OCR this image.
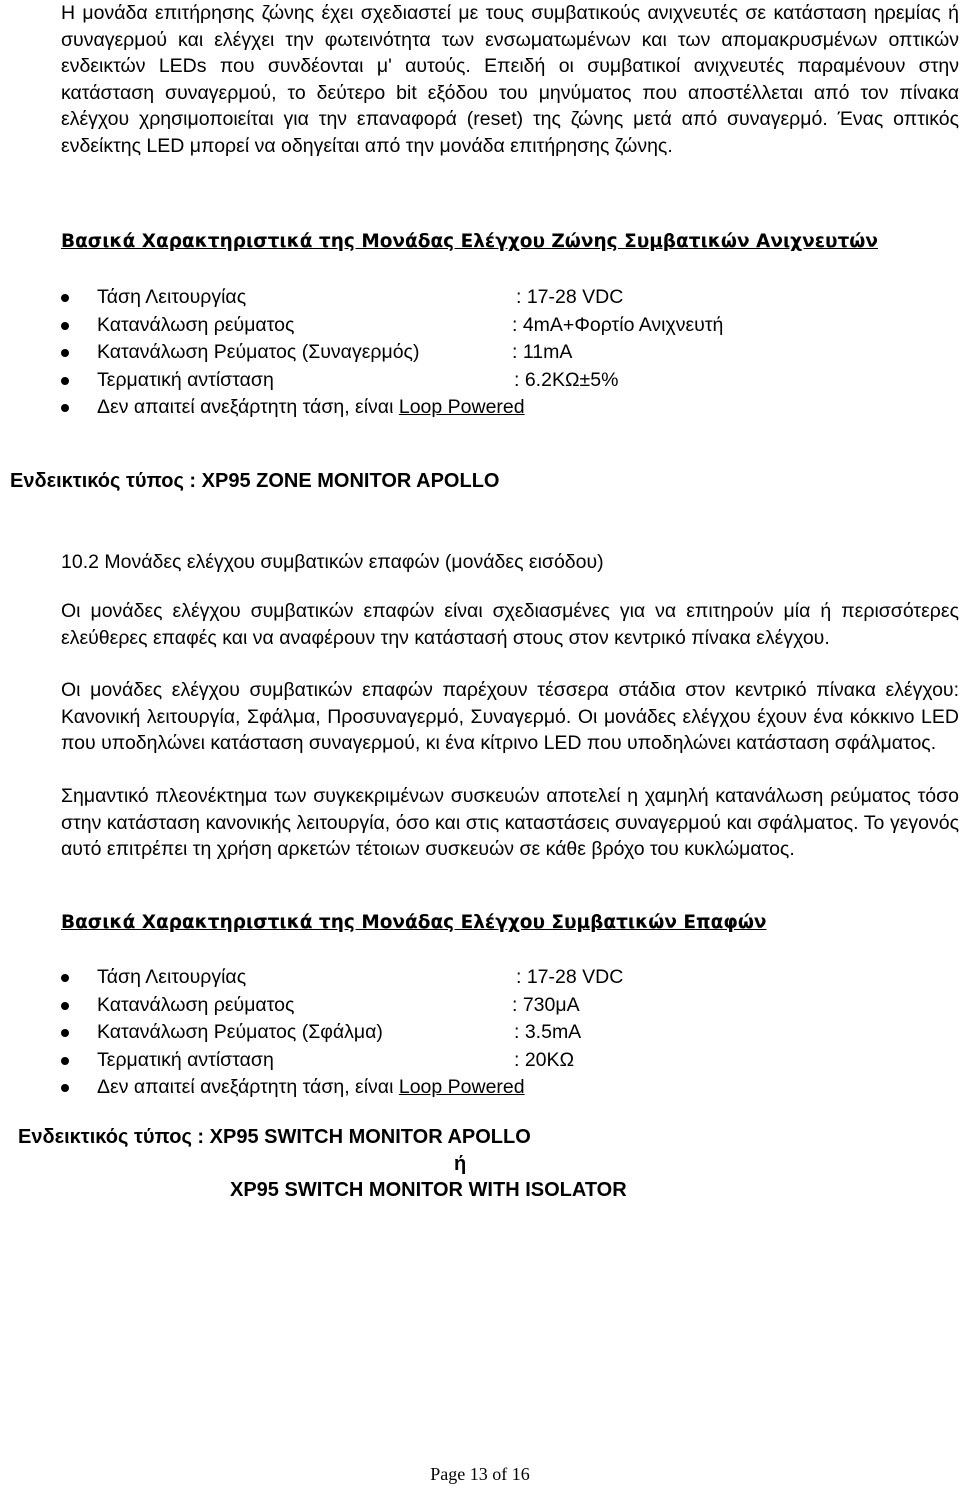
Η μονάδα επιτήρησης ζώνης έχει σχεδιαστεί με τους συμβατικούς ανιχνευτές σε κατάσταση ηρεμίας ή συναγερμού και ελέγχει την φωτεινότητα των ενσωματωμένων και των απομακρυσμένων οπτικών ενδεικτών LEDs που συνδέονται μ' αυτούς. Επειδή οι συμβατικοί ανιχνευτές παραμένουν στην κατάσταση συναγερμού, το δεύτερο bit εξόδου του μηνύματος που αποστέλλεται από τον πίνακα ελέγχου χρησιμοποιείται για την επαναφορά (reset) της ζώνης μετά από συναγερμό. Ένας οπτικός ενδείκτης LED μπορεί να οδηγείται από την μονάδα επιτήρησης ζώνης.

Βασικά Χαρακτηριστικά της Μονάδας Ελέγχου Ζώνης Συμβατικών Ανιχνευτών
Τάση Λειτουργίας	: 17-28 VDC
Κατανάλωση ρεύματος	: 4mA+Φορτίο Ανιχνευτή
Κατανάλωση Ρεύματος (Συναγερμός)	: 11mA
Τερματική αντίσταση	: 6.2ΚΩ±5%
Δεν απαιτεί ανεξάρτητη τάση, είναι Loop Powered

Ενδεικτικός τύπος : XP95 ZONE MONITOR APOLLO

10.2 Μονάδες ελέγχου συμβατικών επαφών (μονάδες εισόδου)

Οι μονάδες ελέγχου συμβατικών επαφών είναι σχεδιασμένες για να επιτηρούν μία ή περισσότερες ελεύθερες επαφές και να αναφέρουν την κατάστασή στους στον κεντρικό πίνακα ελέγχου.

Οι μονάδες ελέγχου συμβατικών επαφών παρέχουν τέσσερα στάδια στον κεντρικό πίνακα ελέγχου: Κανονική λειτουργία, Σφάλμα, Προσυναγερμό, Συναγερμό. Οι μονάδες ελέγχου έχουν ένα κόκκινο LED που υποδηλώνει κατάσταση συναγερμού, κι ένα κίτρινο LED που υποδηλώνει κατάσταση σφάλματος.

Σημαντικό πλεονέκτημα των συγκεκριμένων συσκευών αποτελεί η χαμηλή κατανάλωση ρεύματος τόσο στην κατάσταση κανονικής λειτουργία, όσο και στις καταστάσεις συναγερμού και σφάλματος. Το γεγονός αυτό επιτρέπει τη χρήση αρκετών τέτοιων συσκευών σε κάθε βρόχο του κυκλώματος.

Βασικά Χαρακτηριστικά της Μονάδας Ελέγχου Συμβατικών Επαφών
Τάση Λειτουργίας	: 17-28 VDC
Κατανάλωση ρεύματος	: 730μA
Κατανάλωση Ρεύματος (Σφάλμα)	: 3.5mA
Τερματική αντίσταση	: 20ΚΩ
Δεν απαιτεί ανεξάρτητη τάση, είναι Loop Powered

Ενδεικτικός τύπος : XP95 SWITCH MONITOR APOLLO

ή

XP95 SWITCH MONITOR WITH ISOLATOR

Page 13 of 16
